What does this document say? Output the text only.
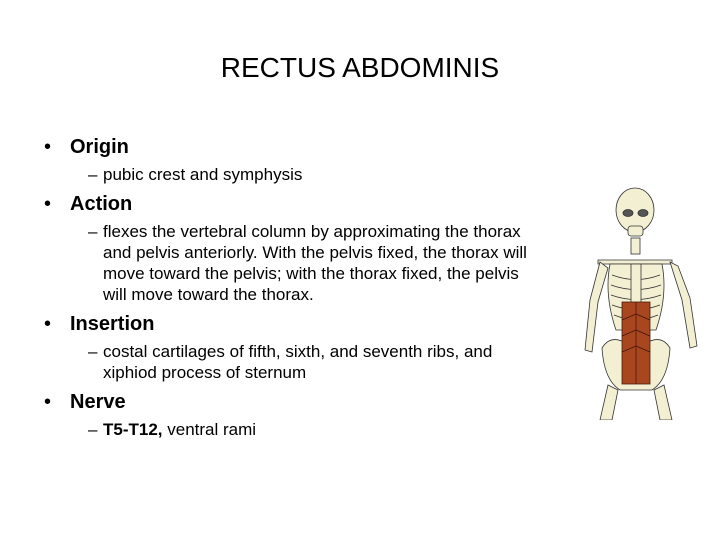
RECTUS ABDOMINIS
• Origin
– pubic crest and symphysis
• Action
– flexes the vertebral column by approximating the thorax and pelvis anteriorly. With the pelvis fixed, the thorax will move toward the pelvis; with the thorax fixed, the pelvis will move toward the thorax.
• Insertion
– costal cartilages of fifth, sixth, and seventh ribs, and xiphiod process of sternum
• Nerve
– T5-T12, ventral rami
